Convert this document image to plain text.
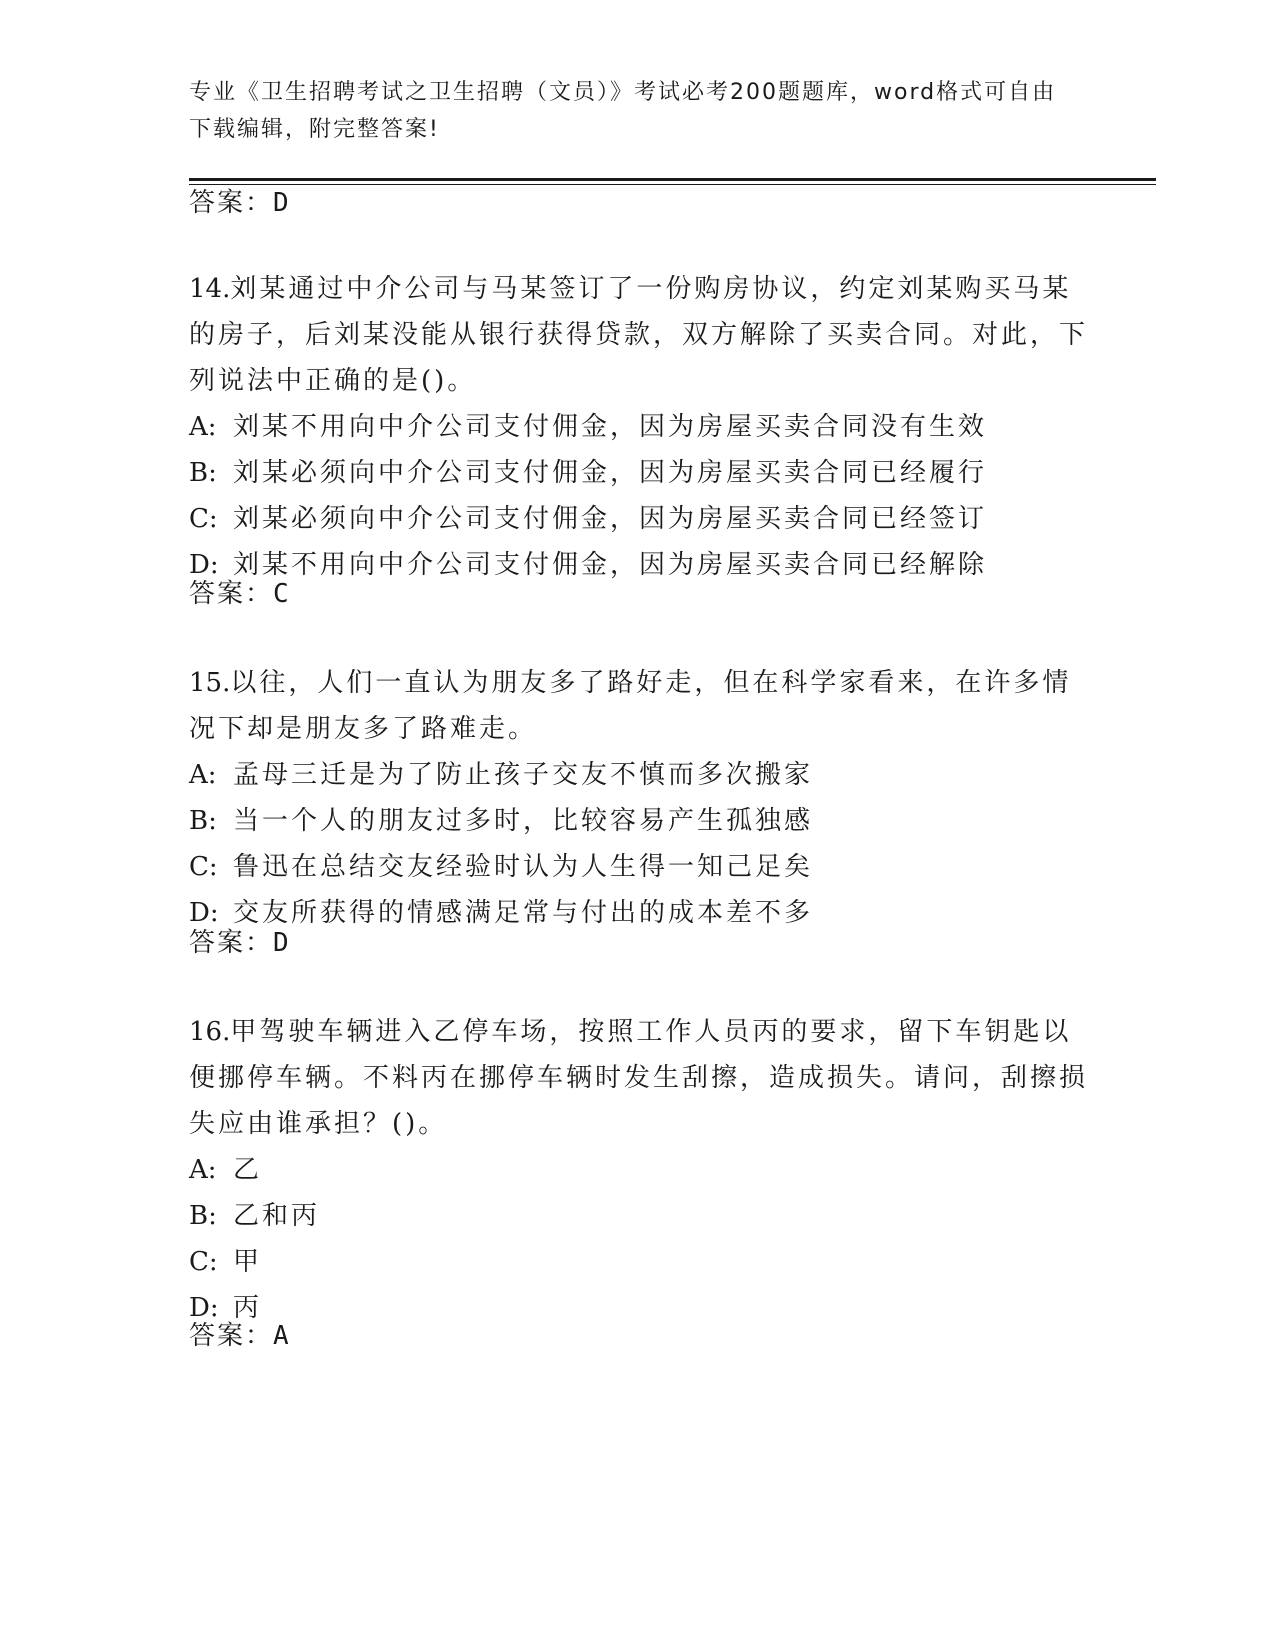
专业《卫生招聘考试之卫生招聘（文员）》考试必考200题题库，word格式可自由下载编辑，附完整答案!
答案：D

14.刘某通过中介公司与马某签订了一份购房协议，约定刘某购买马某的房子，后刘某没能从银行获得贷款，双方解除了买卖合同。对此，下列说法中正确的是()。

A: 刘某不用向中介公司支付佣金，因为房屋买卖合同没有生效
B: 刘某必须向中介公司支付佣金，因为房屋买卖合同已经履行
C: 刘某必须向中介公司支付佣金，因为房屋买卖合同已经签订
D: 刘某不用向中介公司支付佣金，因为房屋买卖合同已经解除
答案：C

15.以往，人们一直认为朋友多了路好走，但在科学家看来，在许多情况下却是朋友多了路难走。

A: 孟母三迁是为了防止孩子交友不慎而多次搬家
B: 当一个人的朋友过多时，比较容易产生孤独感
C: 鲁迅在总结交友经验时认为人生得一知己足矣
D: 交友所获得的情感满足常与付出的成本差不多
答案：D

16.甲驾驶车辆进入乙停车场，按照工作人员丙的要求，留下车钥匙以便挪停车辆。不料丙在挪停车辆时发生刮擦，造成损失。请问，刮擦损失应由谁承担？()。

A: 乙
B: 乙和丙
C: 甲
D: 丙
答案：A
